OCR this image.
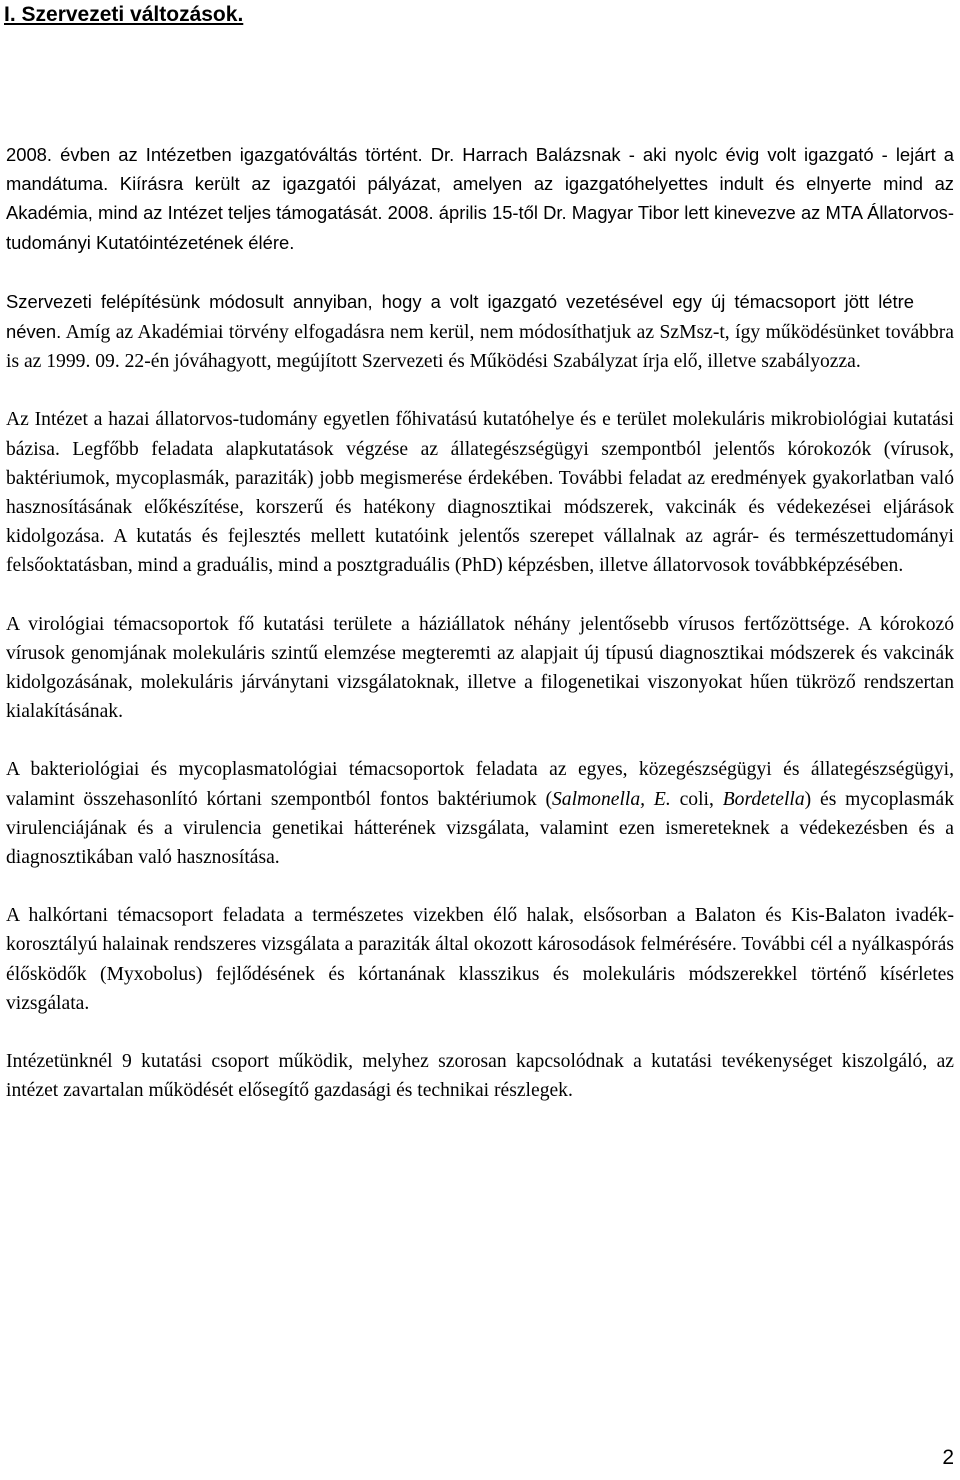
I. Szervezeti változások.

2008. évben az Intézetben igazgatóváltás történt. Dr. Harrach Balázsnak - aki nyolc évig volt igazgató - lejárt a mandátuma. Kiírásra került az igazgatói pályázat, amelyen az igazgatóhelyettes indult és elnyerte mind az Akadémia, mind az Intézet teljes támogatását. 2008. április 15-től Dr. Magyar Tibor lett kinevezve az MTA Állatorvos-tudományi Kutatóintézetének élére.

Szervezeti felépítésünk módosult annyiban, hogy a volt igazgató vezetésével egy új témacsoport jött létrenéven. Amíg az Akadémiai törvény elfogadásra nem kerül, nem módosíthatjuk az SzMsz-t, így működésünket továbbra is az 1999. 09. 22-én jóváhagyott, megújított Szervezeti és Működési Szabályzat írja elő, illetve szabályozza.

Az Intézet a hazai állatorvos-tudomány egyetlen főhivatású kutatóhelye és e terület molekuláris mikrobiológiai kutatási bázisa. Legfőbb feladata alapkutatások végzése az állategészségügyi szempontból jelentős kórokozók (vírusok, baktériumok, mycoplasmák, paraziták) jobb megismerése érdekében. További feladat az eredmények gyakorlatban való hasznosításának előkészítése, korszerű és hatékony diagnosztikai módszerek, vakcinák és védekezései eljárások kidolgozása. A kutatás és fejlesztés mellett kutatóink jelentős szerepet vállalnak az agrár- és természettudományi felsőoktatásban, mind a graduális, mind a posztgraduális (PhD) képzésben, illetve állatorvosok továbbképzésében.

A virológiai témacsoportok fő kutatási területe a háziállatok néhány jelentősebb vírusos fertőzöttsége. A kórokozó vírusok genomjának molekuláris szintű elemzése megteremti az alapjait új típusú diagnosztikai módszerek és vakcinák kidolgozásának, molekuláris járványtani vizsgálatoknak, illetve a filogenetikai viszonyokat hűen tükröző rendszertan kialakításának.

A bakteriológiai és mycoplasmatológiai témacsoportok feladata az egyes, közegészségügyi és állategészségügyi, valamint összehasonlító kórtani szempontból fontos baktériumok (Salmonella, E. coli, Bordetella) és mycoplasmák virulenciájának és a virulencia genetikai hátterének vizsgálata, valamint ezen ismereteknek a védekezésben és a diagnosztikában való hasznosítása.

A halkórtani témacsoport feladata a természetes vizekben élő halak, elsősorban a Balaton és Kis-Balaton ivadék-korosztályú halainak rendszeres vizsgálata a paraziták által okozott károsodások felmérésére. További cél a nyálkaspórás élősködők (Myxobolus) fejlődésének és kórtanának klasszikus és molekuláris módszerekkel történő kísérletes vizsgálata.

Intézetünknél 9 kutatási csoport működik, melyhez szorosan kapcsolódnak a kutatási tevékenységet kiszolgáló, az intézet zavartalan működését elősegítő gazdasági és technikai részlegek.

2
